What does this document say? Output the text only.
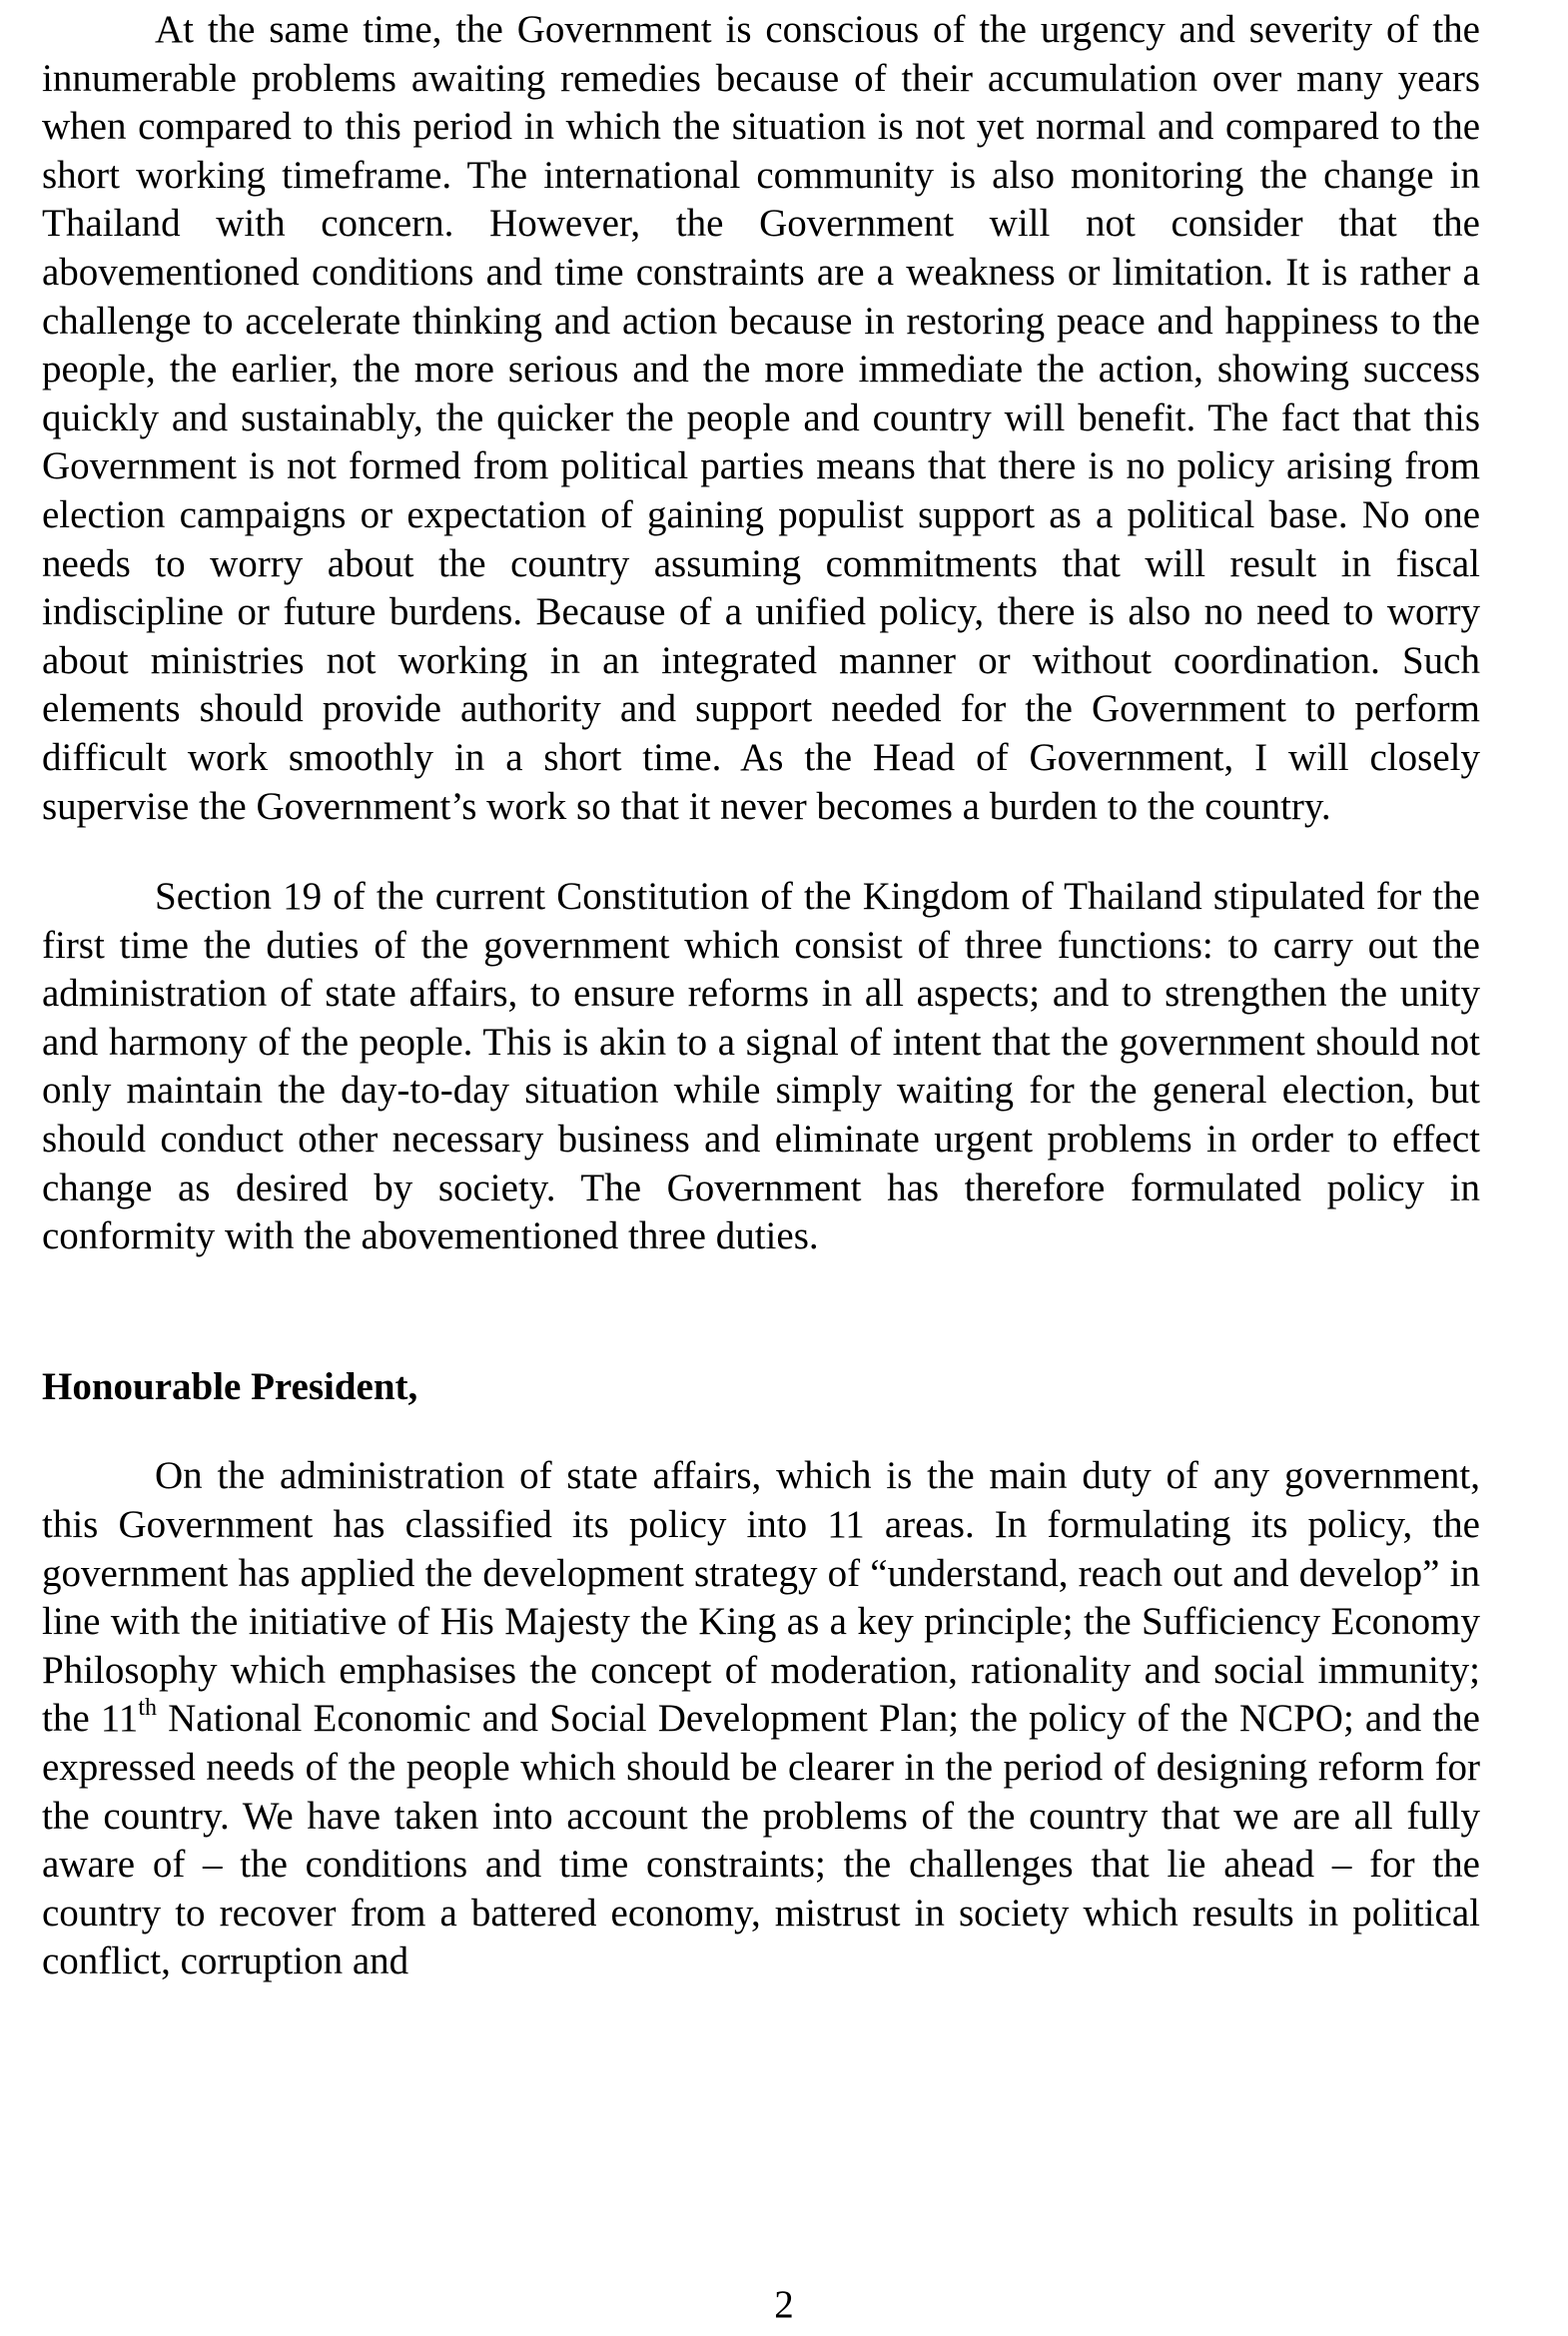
At the same time, the Government is conscious of the urgency and severity of the innumerable problems awaiting remedies because of their accumulation over many years when compared to this period in which the situation is not yet normal and compared to the short working timeframe. The international community is also monitoring the change in Thailand with concern. However, the Government will not consider that the abovementioned conditions and time constraints are a weakness or limitation. It is rather a challenge to accelerate thinking and action because in restoring peace and happiness to the people, the earlier, the more serious and the more immediate the action, showing success quickly and sustainably, the quicker the people and country will benefit. The fact that this Government is not formed from political parties means that there is no policy arising from election campaigns or expectation of gaining populist support as a political base. No one needs to worry about the country assuming commitments that will result in fiscal indiscipline or future burdens. Because of a unified policy, there is also no need to worry about ministries not working in an integrated manner or without coordination. Such elements should provide authority and support needed for the Government to perform difficult work smoothly in a short time. As the Head of Government, I will closely supervise the Government’s work so that it never becomes a burden to the country.

Section 19 of the current Constitution of the Kingdom of Thailand stipulated for the first time the duties of the government which consist of three functions: to carry out the administration of state affairs, to ensure reforms in all aspects; and to strengthen the unity and harmony of the people. This is akin to a signal of intent that the government should not only maintain the day-to-day situation while simply waiting for the general election, but should conduct other necessary business and eliminate urgent problems in order to effect change as desired by society. The Government has therefore formulated policy in conformity with the abovementioned three duties.

Honourable President,

On the administration of state affairs, which is the main duty of any government, this Government has classified its policy into 11 areas. In formulating its policy, the government has applied the development strategy of “understand, reach out and develop” in line with the initiative of His Majesty the King as a key principle; the Sufficiency Economy Philosophy which emphasises the concept of moderation, rationality and social immunity; the 11th National Economic and Social Development Plan; the policy of the NCPO; and the expressed needs of the people which should be clearer in the period of designing reform for the country. We have taken into account the problems of the country that we are all fully aware of – the conditions and time constraints; the challenges that lie ahead – for the country to recover from a battered economy, mistrust in society which results in political conflict, corruption and

2
